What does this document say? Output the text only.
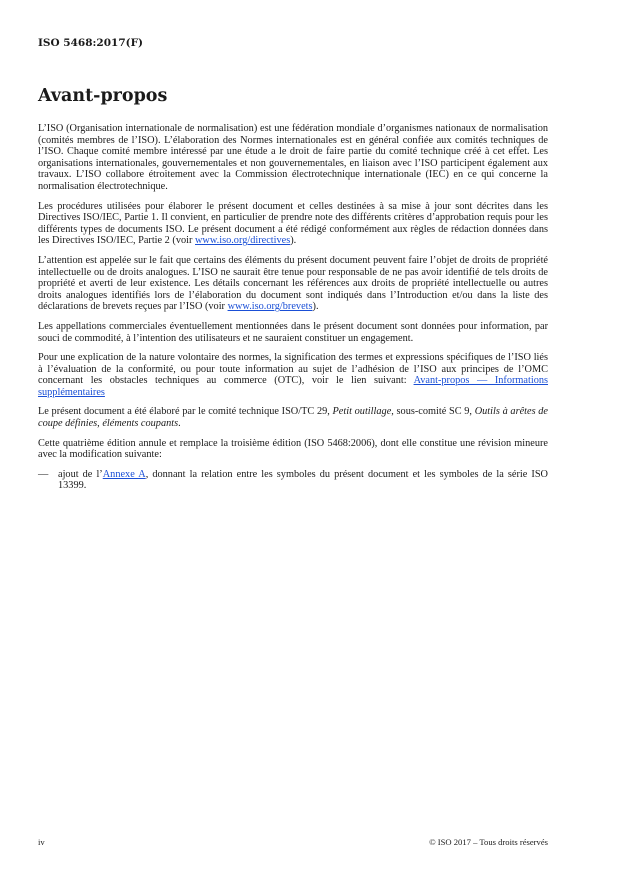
ISO 5468:2017(F)
Avant-propos

L’ISO (Organisation internationale de normalisation) est une fédération mondiale d’organismes nationaux de normalisation (comités membres de l’ISO). L’élaboration des Normes internationales est en général confiée aux comités techniques de l’ISO. Chaque comité membre intéressé par une étude a le droit de faire partie du comité technique créé à cet effet. Les organisations internationales, gouvernementales et non gouvernementales, en liaison avec l’ISO participent également aux travaux. L’ISO collabore étroitement avec la Commission électrotechnique internationale (IEC) en ce qui concerne la normalisation électrotechnique.

Les procédures utilisées pour élaborer le présent document et celles destinées à sa mise à jour sont décrites dans les Directives ISO/IEC, Partie 1. Il convient, en particulier de prendre note des différents critères d’approbation requis pour les différents types de documents ISO. Le présent document a été rédigé conformément aux règles de rédaction données dans les Directives ISO/IEC, Partie 2 (voir www.iso.org/directives).

L’attention est appelée sur le fait que certains des éléments du présent document peuvent faire l’objet de droits de propriété intellectuelle ou de droits analogues. L’ISO ne saurait être tenue pour responsable de ne pas avoir identifié de tels droits de propriété et averti de leur existence. Les détails concernant les références aux droits de propriété intellectuelle ou autres droits analogues identifiés lors de l’élaboration du document sont indiqués dans l’Introduction et/ou dans la liste des déclarations de brevets reçues par l’ISO (voir www.iso.org/brevets).

Les appellations commerciales éventuellement mentionnées dans le présent document sont données pour information, par souci de commodité, à l’intention des utilisateurs et ne sauraient constituer un engagement.

Pour une explication de la nature volontaire des normes, la signification des termes et expressions spécifiques de l’ISO liés à l’évaluation de la conformité, ou pour toute information au sujet de l’adhésion de l’ISO aux principes de l’OMC concernant les obstacles techniques au commerce (OTC), voir le lien suivant: Avant-propos — Informations supplémentaires

Le présent document a été élaboré par le comité technique ISO/TC 29, Petit outillage, sous-comité SC 9, Outils à arêtes de coupe définies, éléments coupants.

Cette quatrième édition annule et remplace la troisième édition (ISO 5468:2006), dont elle constitue une révision mineure avec la modification suivante:

— ajout de l’Annexe A, donnant la relation entre les symboles du présent document et les symboles de la série ISO 13399.
iv	© ISO 2017 – Tous droits réservés
